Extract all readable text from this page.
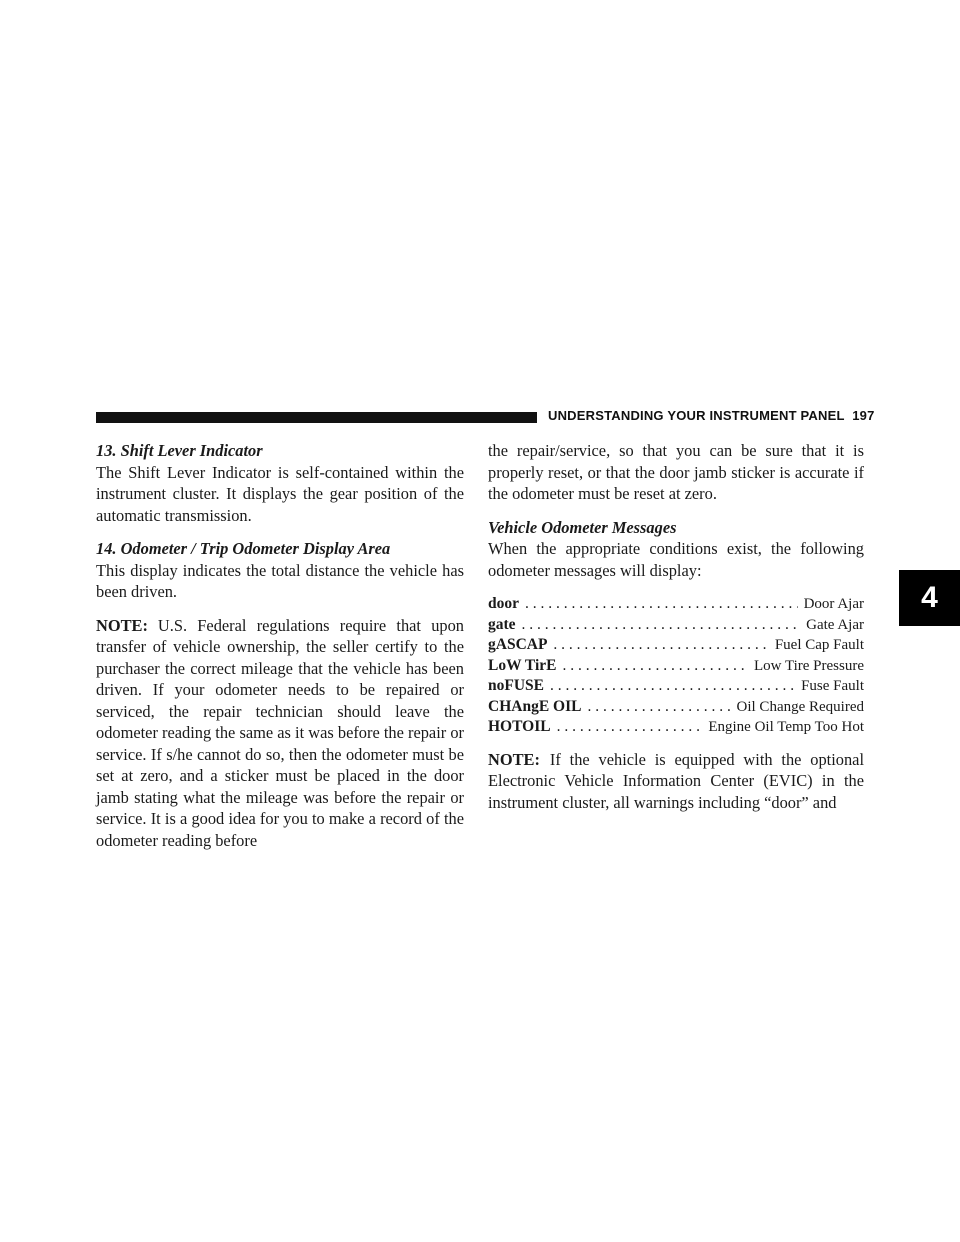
UNDERSTANDING YOUR INSTRUMENT PANEL 197
4

13. Shift Lever Indicator

The Shift Lever Indicator is self-contained within the instrument cluster. It displays the gear position of the automatic transmission.

14. Odometer / Trip Odometer Display Area

This display indicates the total distance the vehicle has been driven.

NOTE: U.S. Federal regulations require that upon transfer of vehicle ownership, the seller certify to the purchaser the correct mileage that the vehicle has been driven. If your odometer needs to be repaired or serviced, the repair technician should leave the odometer reading the same as it was before the repair or service. If s/he cannot do so, then the odometer must be set at zero, and a sticker must be placed in the door jamb stating what the mileage was before the repair or service. It is a good idea for you to make a record of the odometer reading before

the repair/service, so that you can be sure that it is properly reset, or that the door jamb sticker is accurate if the odometer must be reset at zero.

Vehicle Odometer Messages

When the appropriate conditions exist, the following odometer messages will display:

door . . .	Door Ajar
gate . . .	Gate Ajar
gASCAP . . .	Fuel Cap Fault
LoW TirE . . .	Low Tire Pressure
noFUSE . . .	Fuse Fault
CHAngE OIL . . .	Oil Change Required
HOTOIL . . .	Engine Oil Temp Too Hot

NOTE: If the vehicle is equipped with the optional Electronic Vehicle Information Center (EVIC) in the instrument cluster, all warnings including “door” and
